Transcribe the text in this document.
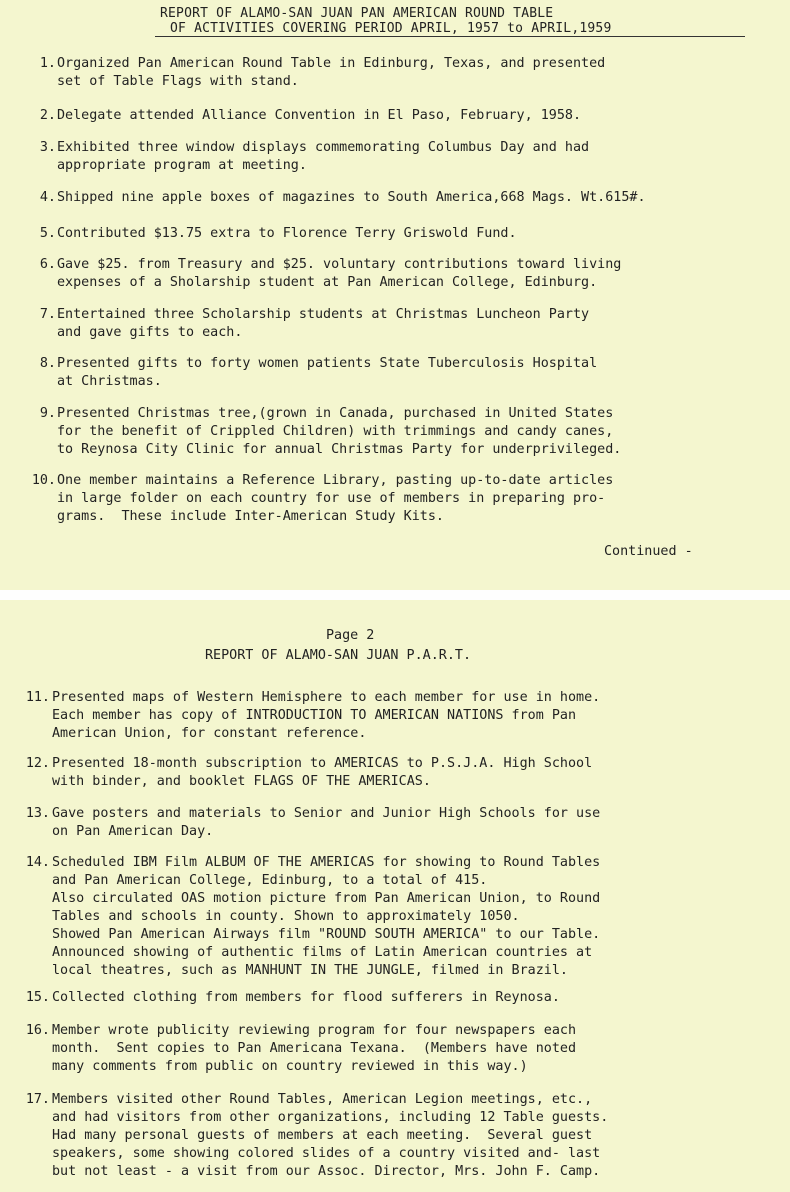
REPORT OF ALAMO-SAN JUAN PAN AMERICAN ROUND TABLE
OF ACTIVITIES COVERING PERIOD APRIL, 1957 to APRIL,1959
1. Organized Pan American Round Table in Edinburg, Texas, and presented
set of Table Flags with stand.
2. Delegate attended Alliance Convention in El Paso, February, 1958.
3. Exhibited three window displays commemorating Columbus Day and had
appropriate program at meeting.
4. Shipped nine apple boxes of magazines to South America,668 Mags. Wt.615#.
5. Contributed $13.75 extra to Florence Terry Griswold Fund.
6. Gave $25. from Treasury and $25. voluntary contributions toward living
expenses of a Sholarship student at Pan American College, Edinburg.
7. Entertained three Scholarship students at Christmas Luncheon Party
and gave gifts to each.
8. Presented gifts to forty women patients State Tuberculosis Hospital
at Christmas.
9. Presented Christmas tree,(grown in Canada, purchased in United States
for the benefit of Crippled Children) with trimmings and candy canes,
to Reynosa City Clinic for annual Christmas Party for underprivileged.
10. One member maintains a Reference Library, pasting up-to-date articles
in large folder on each country for use of members in preparing pro-
grams.  These include Inter-American Study Kits.
Continued -
Page 2
REPORT OF ALAMO-SAN JUAN P.A.R.T.
11. Presented maps of Western Hemisphere to each member for use in home.
Each member has copy of INTRODUCTION TO AMERICAN NATIONS from Pan
American Union, for constant reference.
12. Presented 18-month subscription to AMERICAS to P.S.J.A. High School
with binder, and booklet FLAGS OF THE AMERICAS.
13. Gave posters and materials to Senior and Junior High Schools for use
on Pan American Day.
14. Scheduled IBM Film ALBUM OF THE AMERICAS for showing to Round Tables
and Pan American College, Edinburg, to a total of 415.
Also circulated OAS motion picture from Pan American Union, to Round
Tables and schools in county. Shown to approximately 1050.
Showed Pan American Airways film "ROUND SOUTH AMERICA" to our Table.
Announced showing of authentic films of Latin American countries at
local theatres, such as MANHUNT IN THE JUNGLE, filmed in Brazil.
15. Collected clothing from members for flood sufferers in Reynosa.
16. Member wrote publicity reviewing program for four newspapers each
month.  Sent copies to Pan Americana Texana.  (Members have noted
many comments from public on country reviewed in this way.)
17. Members visited other Round Tables, American Legion meetings, etc.,
and had visitors from other organizations, including 12 Table guests.
Had many personal guests of members at each meeting.  Several guest
speakers, some showing colored slides of a country visited and- last
but not least - a visit from our Assoc. Director, Mrs. John F. Camp.
